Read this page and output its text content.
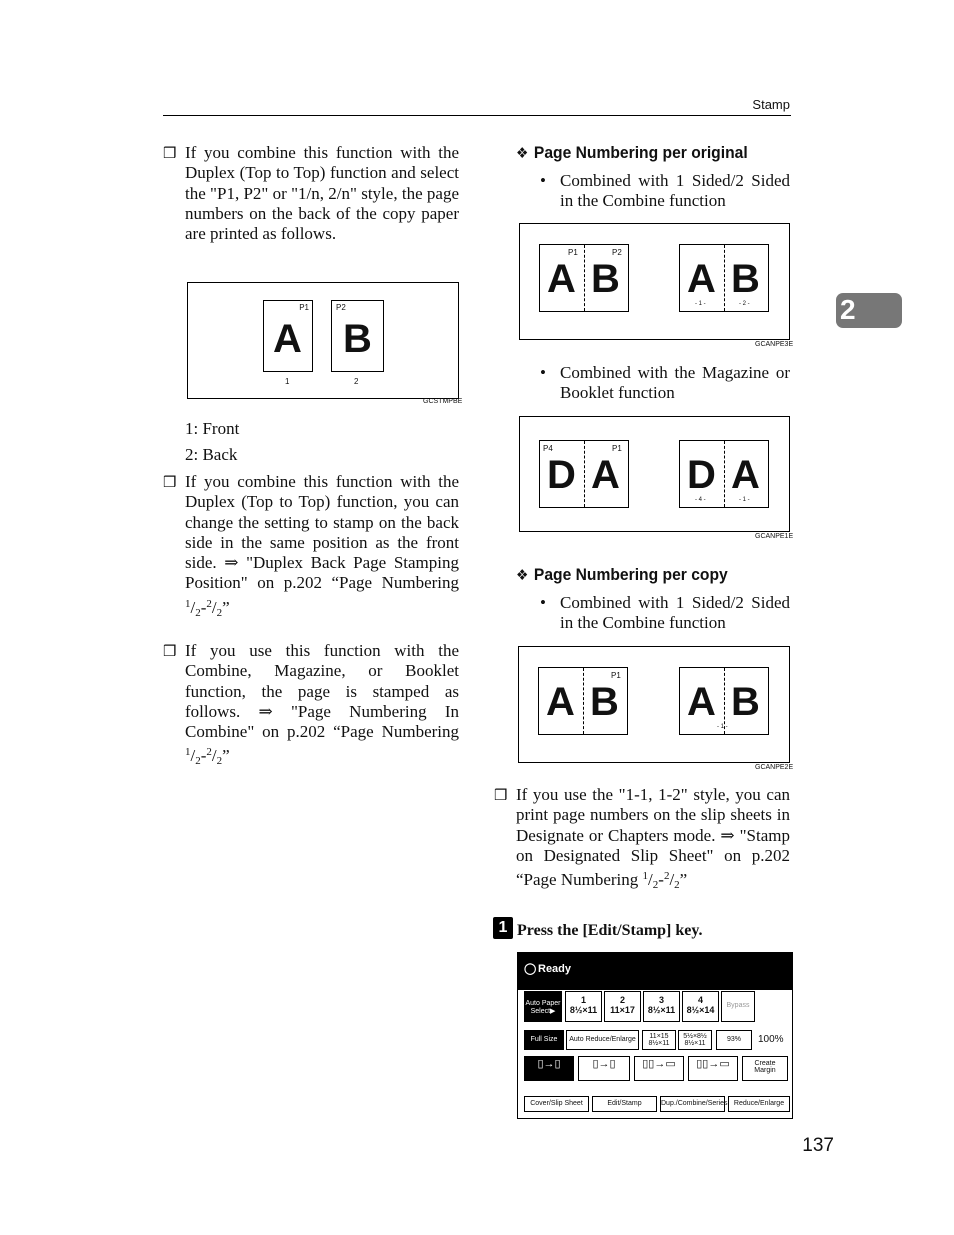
Stamp
2
❒ If you combine this function with the Duplex (Top to Top) function and select the "P1, P2" or "1/n, 2/n" style, the page numbers on the back of the copy paper are printed as follows.
P1
A
P2
B
1	2
GCSTMPBE
1: Front
2: Back
❒ If you combine this function with the Duplex (Top to Top) function, you can change the setting to stamp on the back side in the same position as the front side. ⇒ "Duplex Back Page Stamping Position" on p.202 “Page Numbering $^1/_2-^2/_2$”
❒ If you use this function with the Combine, Magazine, or Booklet function, the page is stamped as follows. ⇒ "Page Numbering In Combine" on p.202 “Page Numbering $^1/_2-^2/_2$”
❖ Page Numbering per original
• Combined with 1 Sided/2 Sided in the Combine function
P1	P2
A B A B
- 1 -	- 2 -
GCANPE3E
• Combined with the Magazine or Booklet function
P4	P1
D A D A
- 4 -	- 1 -
GCANPE1E
❖ Page Numbering per copy
• Combined with 1 Sided/2 Sided in the Combine function
P1
A B A B
- 1 -
GCANPE2E
❒ If you use the "1-1, 1-2" style, you can print page numbers on the slip sheets in Designate or Chapters mode. ⇒ "Stamp on Designated Slip Sheet" on p.202 “Page Numbering $^1/_2-^2/_2$”
1 Press the [Edit/Stamp] key.
◯ Ready
Auto Paper Select▶
1
8½×11
2
11×17
3
8½×11
4
8½×14	Bypass
Full Size	Auto Reduce/Enlarge	11×15 8½×11
5½×8½ 8½×11
93%	100%
▯→▯	▯→▯	▯▯→▭	▯▯→▭	Create Margin
Cover/Slip Sheet	Edit/Stamp	Dup./Combine/Series Reduce/Enlarge
137
